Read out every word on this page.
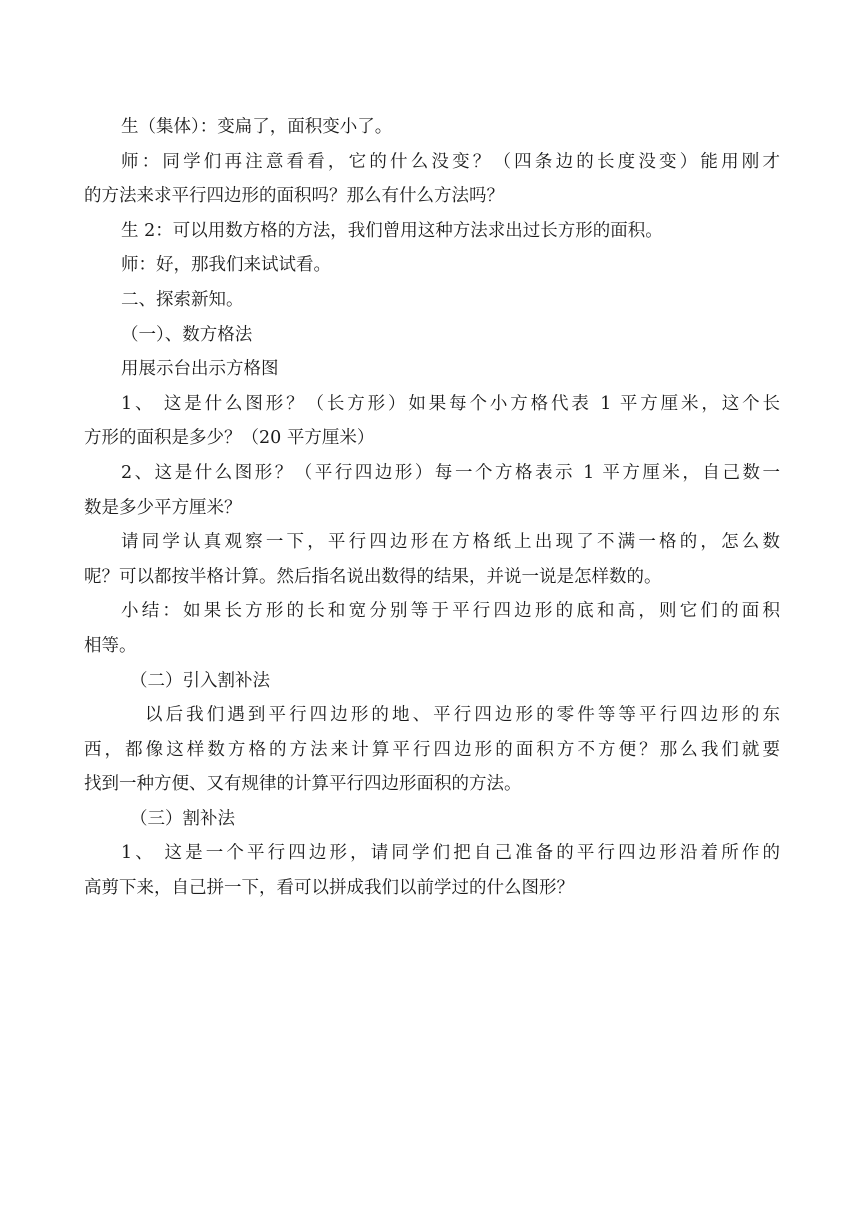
生（集体）：变扁了，面积变小了。

师：同学们再注意看看，它的什么没变？（四条边的长度没变）能用刚才
的方法来求平行四边形的面积吗？那么有什么方法吗？

生 2：可以用数方格的方法，我们曾用这种方法求出过长方形的面积。

师：好，那我们来试试看。

二、探索新知。

（一）、数方格法

用展示台出示方格图

1、 这是什么图形？（长方形）如果每个小方格代表 1 平方厘米，这个长
方形的面积是多少？（20 平方厘米）

2、这是什么图形？（平行四边形）每一个方格表示 1 平方厘米，自己数一
数是多少平方厘米？

请同学认真观察一下，平行四边形在方格纸上出现了不满一格的，怎么数
呢？可以都按半格计算。然后指名说出数得的结果，并说一说是怎样数的。

小结：如果长方形的长和宽分别等于平行四边形的底和高，则它们的面积
相等。

（二）引入割补法

以后我们遇到平行四边形的地、平行四边形的零件等等平行四边形的东
西，都像这样数方格的方法来计算平行四边形的面积方不方便？那么我们就要
找到一种方便、又有规律的计算平行四边形面积的方法。

（三）割补法

1、 这是一个平行四边形，请同学们把自己准备的平行四边形沿着所作的
高剪下来，自己拼一下，看可以拼成我们以前学过的什么图形？
